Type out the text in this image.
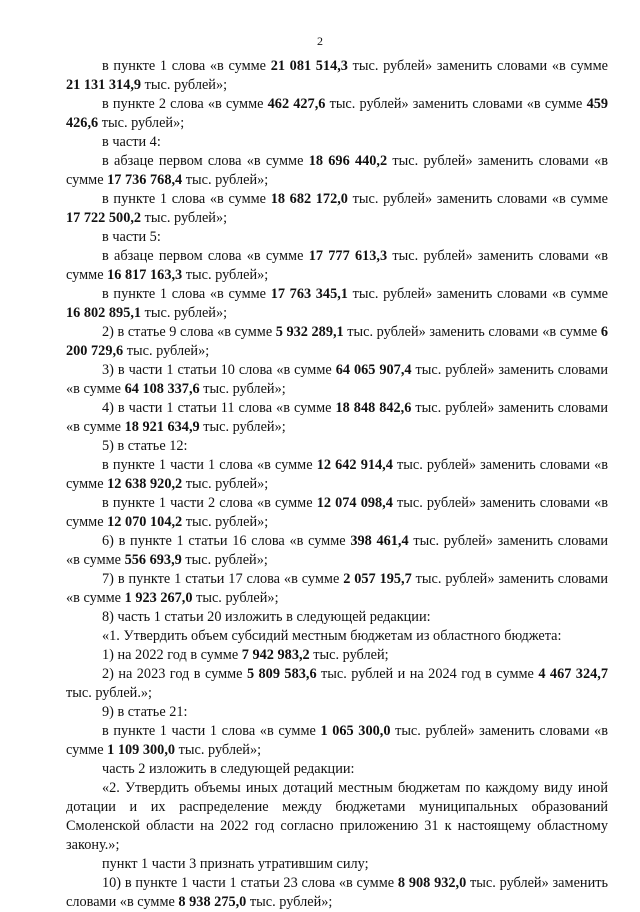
2

в пункте 1 слова «в сумме 21 081 514,3 тыс. рублей» заменить словами «в сумме 21 131 314,9 тыс. рублей»;

в пункте 2 слова «в сумме 462 427,6 тыс. рублей» заменить словами «в сумме 459 426,6 тыс. рублей»;

в части 4:

в абзаце первом слова «в сумме 18 696 440,2 тыс. рублей» заменить словами «в сумме 17 736 768,4 тыс. рублей»;

в пункте 1 слова «в сумме 18 682 172,0 тыс. рублей» заменить словами «в сумме 17 722 500,2 тыс. рублей»;

в части 5:

в абзаце первом слова «в сумме 17 777 613,3 тыс. рублей» заменить словами «в сумме 16 817 163,3 тыс. рублей»;

в пункте 1 слова «в сумме 17 763 345,1 тыс. рублей» заменить словами «в сумме 16 802 895,1 тыс. рублей»;

2) в статье 9 слова «в сумме 5 932 289,1 тыс. рублей» заменить словами «в сумме 6 200 729,6 тыс. рублей»;

3) в части 1 статьи 10 слова «в сумме 64 065 907,4 тыс. рублей» заменить словами «в сумме 64 108 337,6 тыс. рублей»;

4) в части 1 статьи 11 слова «в сумме 18 848 842,6 тыс. рублей» заменить словами «в сумме 18 921 634,9 тыс. рублей»;

5) в статье 12:

в пункте 1 части 1 слова «в сумме 12 642 914,4 тыс. рублей» заменить словами «в сумме 12 638 920,2 тыс. рублей»;

в пункте 1 части 2 слова «в сумме 12 074 098,4 тыс. рублей» заменить словами «в сумме 12 070 104,2 тыс. рублей»;

6) в пункте 1 статьи 16 слова «в сумме 398 461,4 тыс. рублей» заменить словами «в сумме 556 693,9 тыс. рублей»;

7) в пункте 1 статьи 17 слова «в сумме 2 057 195,7 тыс. рублей» заменить словами «в сумме 1 923 267,0 тыс. рублей»;

8) часть 1 статьи 20 изложить в следующей редакции:

«1. Утвердить объем субсидий местным бюджетам из областного бюджета:

1) на 2022 год в сумме 7 942 983,2 тыс. рублей;

2) на 2023 год в сумме 5 809 583,6 тыс. рублей и на 2024 год в сумме 4 467 324,7 тыс. рублей.»;

9) в статье 21:

в пункте 1 части 1 слова «в сумме 1 065 300,0 тыс. рублей» заменить словами «в сумме 1 109 300,0 тыс. рублей»;

часть 2 изложить в следующей редакции:

«2. Утвердить объемы иных дотаций местным бюджетам по каждому виду иной дотации и их распределение между бюджетами муниципальных образований Смоленской области на 2022 год согласно приложению 31 к настоящему областному закону.»;

пункт 1 части 3 признать утратившим силу;

10) в пункте 1 части 1 статьи 23 слова «в сумме 8 908 932,0 тыс. рублей» заменить словами «в сумме 8 938 275,0 тыс. рублей»;
